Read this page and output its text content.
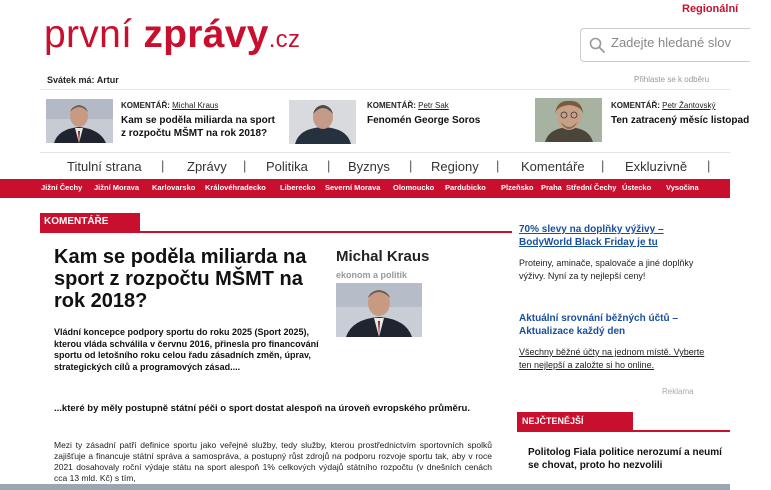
první zprávy.cz
Regionální
Zadejte hledané slovo...
Svátek má: Artur	Přihlaste se k odběru
KOMENTÁŘ: Michal Kraus
Kam se poděla miliarda na sport z rozpočtu MŠMT na rok 2018?
KOMENTÁŘ: Petr Sak
Fenomén George Soros
KOMENTÁŘ: Petr Žantovský
Ten zatracený měsíc listopad
Titulní strana | Zprávy | Politika | Byznys | Regiony | Komentáře | Exkluzivně |
Jižní Čechy Jižní Morava Karlovarsko Královéhradecko Liberecko Severní Morava Olomoucko Pardubicko Plzeňsko Praha Střední Čechy Ústecko Vysočina
KOMENTÁŘE
Kam se poděla miliarda na sport z rozpočtu MŠMT na rok 2018?
Michal Kraus
ekonom a politik
Vládní koncepce podpory sportu do roku 2025 (Sport 2025), kterou vláda schválila v červnu 2016, přinesla pro financování sportu od letošního roku celou řadu zásadních změn, úprav, strategických cílů a programových zásad....
...které by měly postupně státní péči o sport dostat alespoň na úroveň evropského průměru.
Mezi ty zásadní patří definice sportu jako veřejné služby, tedy služby, kterou prostřednictvím sportovních spolků zajišťuje a financuje státní správa a samospráva, a postupný růst zdrojů na podporu rozvoje sportu tak, aby v roce 2021 dosahovaly roční výdaje státu na sport alespoň 1% celkových výdajů státního rozpočtu (v dnešních cenách cca 13 mld. Kč) s tím,
70% slevy na doplňky výživy – BodyWorld Black Friday je tu
Proteiny, aminače, spalovače a jiné doplňky výživy. Nyní za ty nejlepší ceny!
Aktuální srovnání běžných účtů – Aktualizace každý den
Všechny běžné účty na jednom místě. Vyberte ten nejlepší a založte si ho online.
Reklama
NEJČTENĚJŠÍ
Politolog Fiala politice nerozumí a neumí se chovat, proto ho nezvolili
